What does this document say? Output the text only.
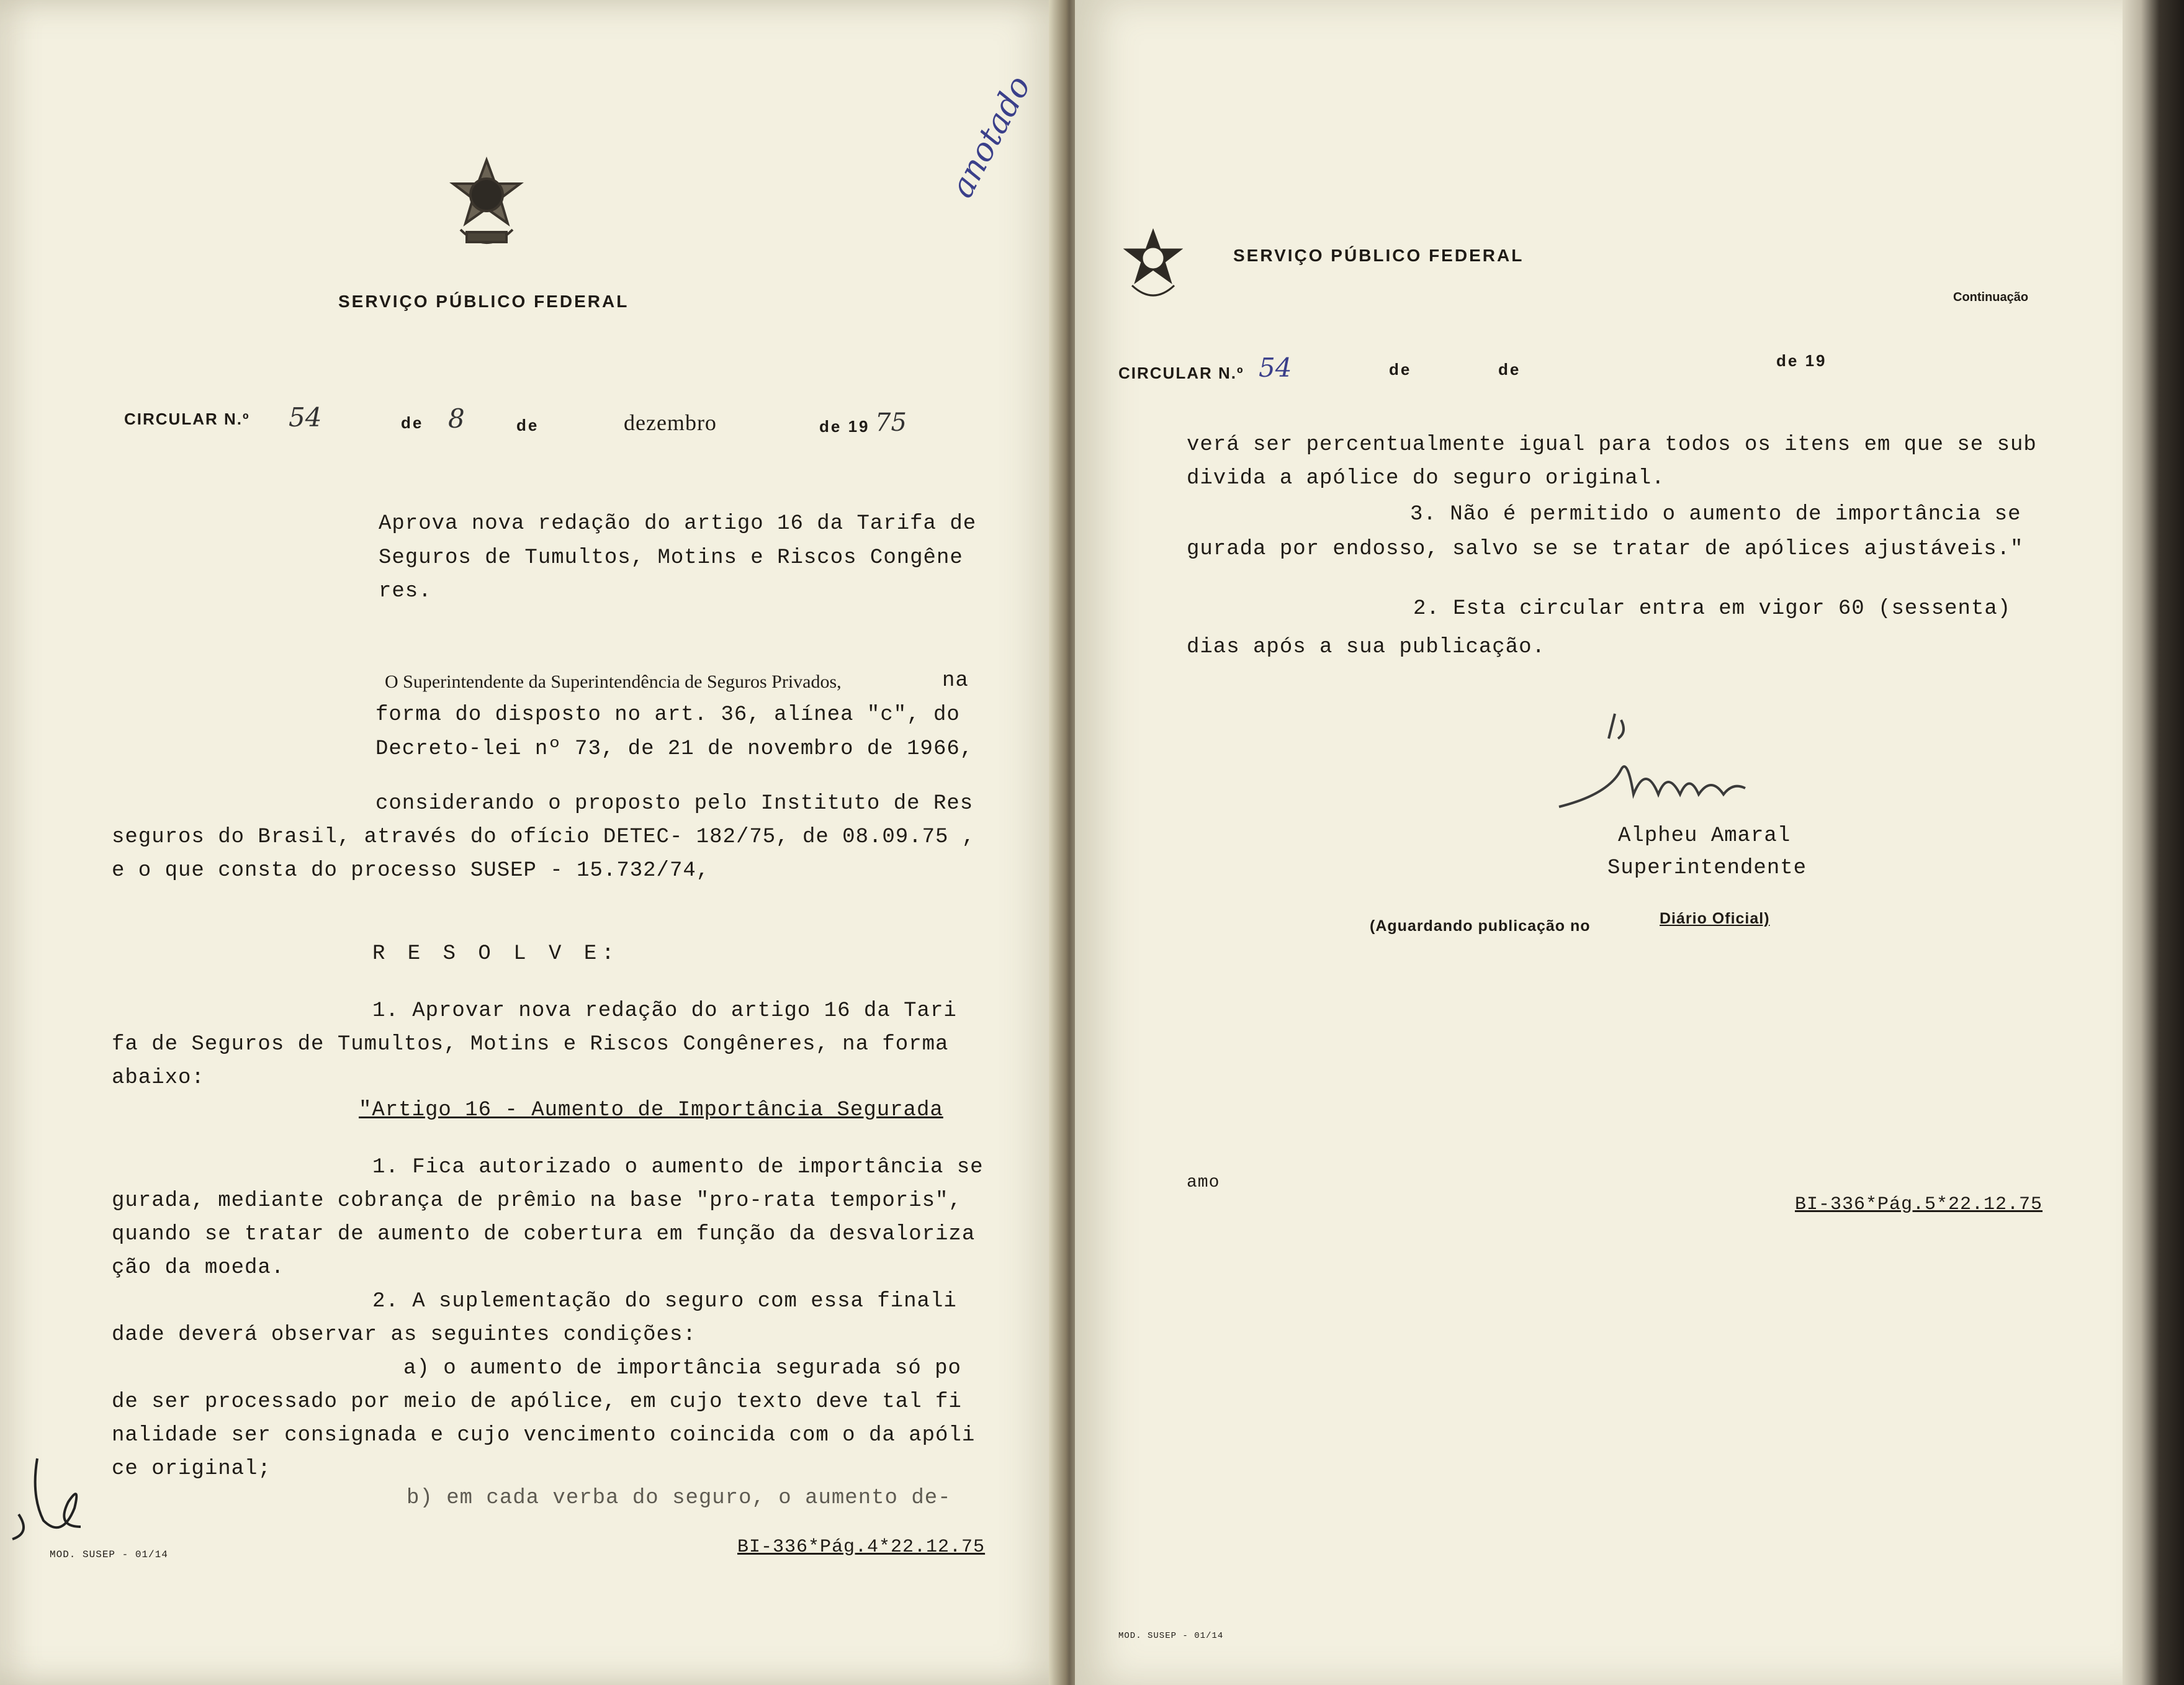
SERVIÇO PÚBLICO FEDERAL
anotado
CIRCULAR N.º 54	de 8	de	dezembro	de 19 75
Aprova nova redação do artigo 16 da Tarifa de
Seguros de Tumultos, Motins e Riscos Congêne
res.
O Superintendente da Superintendência de Seguros Privados,	na
forma do disposto no art. 36, alínea "c", do
Decreto-lei nº 73, de 21 de novembro de 1966,
considerando o proposto pelo Instituto de Res
seguros do Brasil, através do ofício DETEC- 182/75, de 08.09.75 ,
e o que consta do processo SUSEP - 15.732/74,
R E S O L V E:
1. Aprovar nova redação do artigo 16 da Tari
fa de Seguros de Tumultos, Motins e Riscos Congêneres, na forma
abaixo:
"Artigo 16 - Aumento de Importância Segurada
1. Fica autorizado o aumento de importância se
gurada, mediante cobrança de prêmio na base "pro-rata temporis",
quando se tratar de aumento de cobertura em função da desvaloriza
ção da moeda.
2. A suplementação do seguro com essa finali
dade deverá observar as seguintes condições:
a) o aumento de importância segurada só po
de ser processado por meio de apólice, em cujo texto deve tal fi
nalidade ser consignada e cujo vencimento coincida com o da apóli
ce original;
b) em cada verba do seguro, o aumento de-
MOD. SUSEP - 01/14	BI-336*Pág.4*22.12.75
SERVIÇO PÚBLICO FEDERAL
Continuação
CIRCULAR N.º 54	de	de	de 19
verá ser percentualmente igual para todos os itens em que se sub
divida a apólice do seguro original.
3. Não é permitido o aumento de importância se
gurada por endosso, salvo se se tratar de apólices ajustáveis."
2. Esta circular entra em vigor 60 (sessenta)
dias após a sua publicação.
Alpheu Amaral
Superintendente
(Aguardando publicação no	Diário Oficial)
amo
BI-336*Pág.5*22.12.75
MOD. SUSEP - 01/14
